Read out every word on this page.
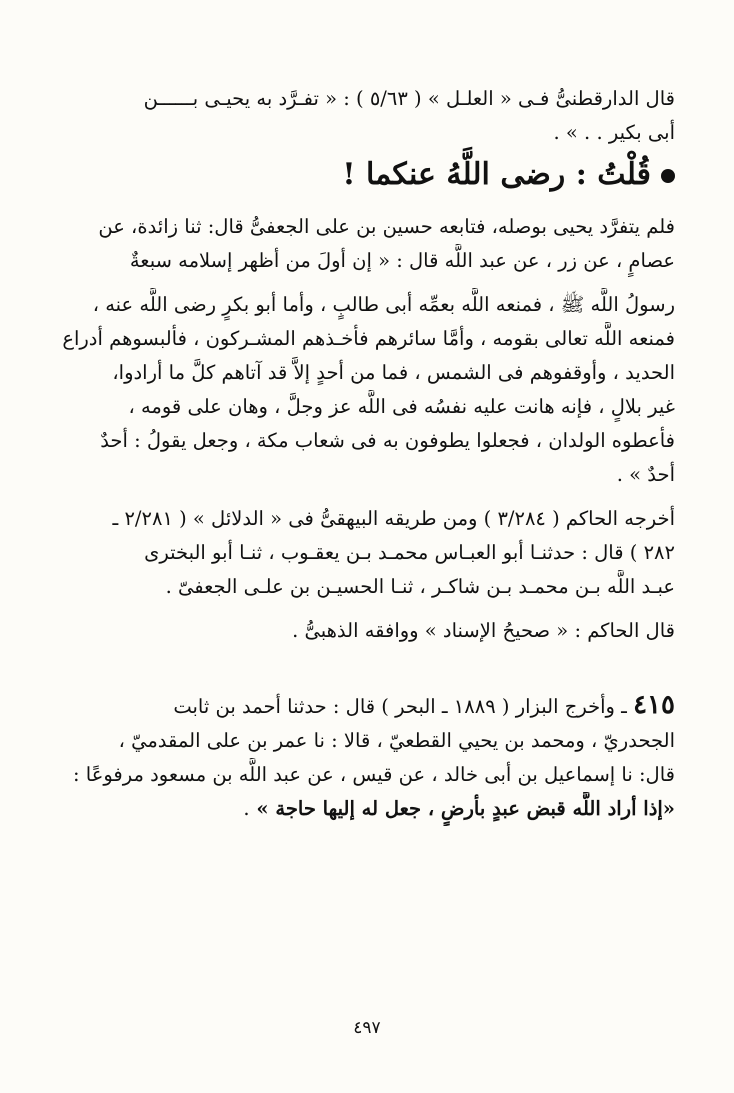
قال الدارقطنىُّ فـى « العلـل » ( ٥/٦٣ ) : « تفـرَّد به يحيـى بــــــن

أبى بكير . . » .

قُلْتُ : رضى اللَّهُ عنكما !

فلم يتفرَّد يحيى بوصله، فتابعه حسين بن على الجعفىُّ قال: ثنا زائدة، عن

عصامٍ ، عن زر ، عن عبد اللَّه قال : « إن أولَ من أظهر إسلامه سبعةٌ

رسولُ اللَّه ﷺ ، فمنعه اللَّه بعمِّه أبى طالبٍ ، وأما أبو بكرٍ رضى اللَّه عنه ،

فمنعه اللَّه تعالى بقومه ، وأمَّا سائرهم فأخـذهم المشـركون ، فألبسوهم أدراع

الحديد ، وأوقفوهم فى الشمس ، فما من أحدٍ إلاَّ قد آتاهم كلَّ ما أرادوا،

غير بلالٍ ، فإنه هانت عليه نفسُه فى اللَّه عز وجلَّ ، وهان على قومه ،

فأعطوه الولدان ، فجعلوا يطوفون به فى شعاب مكة ، وجعل يقولُ : أحدٌ

أحدٌ » .

أخرجه الحاكم ( ٣/٢٨٤ ) ومن طريقه البيهقىُّ فى « الدلائل » ( ٢/٢٨١ ـ

٢٨٢ ) قال : حدثنـا أبو العبـاس محمـد بـن يعقـوب ، ثنـا أبو البخترى

عبـد اللَّه بـن محمـد بـن شاكـر ، ثنـا الحسيـن بن علـى الجعفىّ .

قال الحاكم : « صحيحُ الإسناد » ووافقه الذهبىُّ .

٤١٥ ـ وأخرج البزار ( ١٨٨٩ ـ البحر ) قال : حدثنا أحمد بن ثابت

الجحدريّ ، ومحمد بن يحيي القطعيّ ، قالا : نا عمر بن على المقدميّ ،

قال: نا إسماعيل بن أبى خالد ، عن قيس ، عن عبد اللَّه بن مسعود مرفوعًا :

«إذا أراد اللَّه قبض عبدٍ بأرضٍ ، جعل له إليها حاجة » .

٤٩٧
